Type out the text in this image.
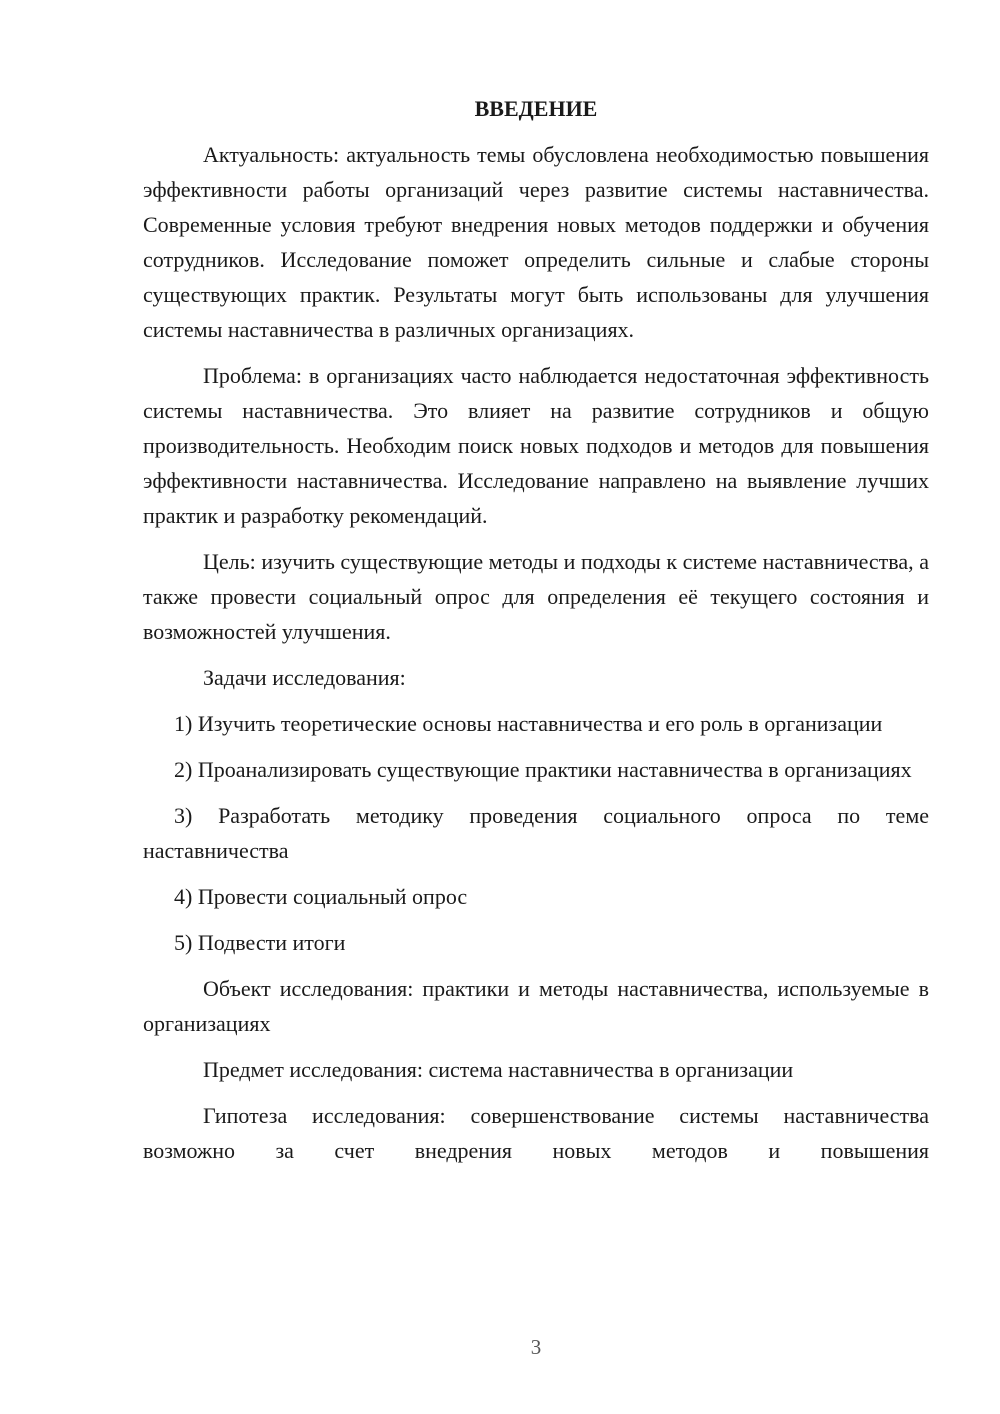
ВВЕДЕНИЕ

Актуальность: актуальность темы обусловлена необходимостью повышения эффективности работы организаций через развитие системы наставничества. Современные условия требуют внедрения новых методов поддержки и обучения сотрудников. Исследование поможет определить сильные и слабые стороны существующих практик. Результаты могут быть использованы для улучшения системы наставничества в различных организациях.

Проблема: в организациях часто наблюдается недостаточная эффективность системы наставничества. Это влияет на развитие сотрудников и общую производительность. Необходим поиск новых подходов и методов для повышения эффективности наставничества. Исследование направлено на выявление лучших практик и разработку рекомендаций.

Цель: изучить существующие методы и подходы к системе наставничества, а также провести социальный опрос для определения её текущего состояния и возможностей улучшения.

Задачи исследования:

1) Изучить теоретические основы наставничества и его роль в организации

2) Проанализировать существующие практики наставничества в организациях

3) Разработать методику проведения социального опроса по теме наставничества

4) Провести социальный опрос

5) Подвести итоги

Объект исследования: практики и методы наставничества, используемые в организациях

Предмет исследования: система наставничества в организации

Гипотеза исследования: совершенствование системы наставничества возможно за счет внедрения новых методов и повышения

3
